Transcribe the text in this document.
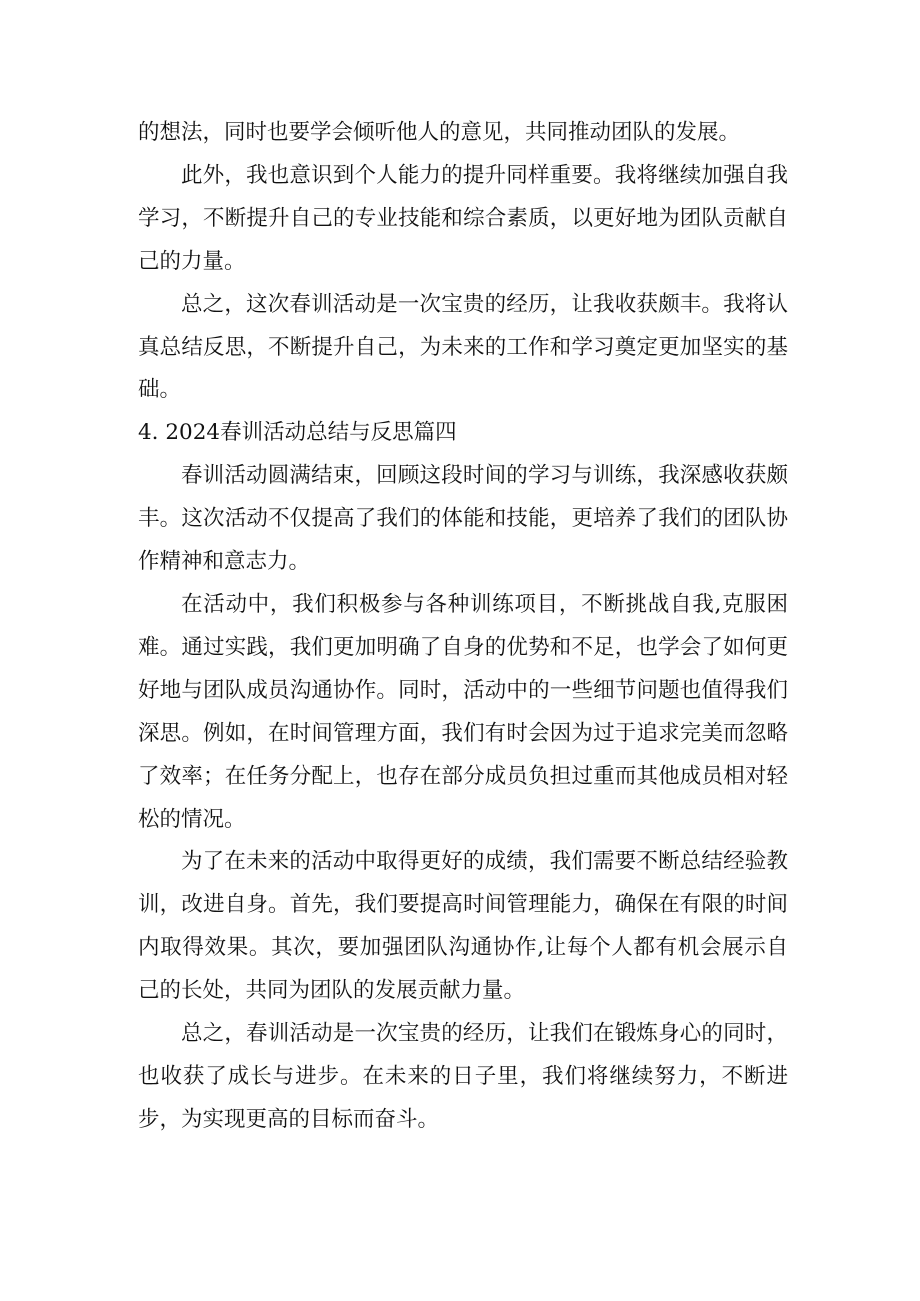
的想法，同时也要学会倾听他人的意见，共同推动团队的发展。

此外，我也意识到个人能力的提升同样重要。我将继续加强自我学习，不断提升自己的专业技能和综合素质，以更好地为团队贡献自己的力量。

总之，这次春训活动是一次宝贵的经历，让我收获颇丰。我将认真总结反思，不断提升自己，为未来的工作和学习奠定更加坚实的基础。

4. 2024春训活动总结与反思篇四

春训活动圆满结束，回顾这段时间的学习与训练，我深感收获颇丰。这次活动不仅提高了我们的体能和技能，更培养了我们的团队协作精神和意志力。

在活动中，我们积极参与各种训练项目，不断挑战自我,克服困难。通过实践，我们更加明确了自身的优势和不足，也学会了如何更好地与团队成员沟通协作。同时，活动中的一些细节问题也值得我们深思。例如，在时间管理方面，我们有时会因为过于追求完美而忽略了效率；在任务分配上，也存在部分成员负担过重而其他成员相对轻松的情况。

为了在未来的活动中取得更好的成绩，我们需要不断总结经验教训，改进自身。首先，我们要提高时间管理能力，确保在有限的时间内取得效果。其次，要加强团队沟通协作,让每个人都有机会展示自己的长处，共同为团队的发展贡献力量。

总之，春训活动是一次宝贵的经历，让我们在锻炼身心的同时，也收获了成长与进步。在未来的日子里，我们将继续努力，不断进步，为实现更高的目标而奋斗。
